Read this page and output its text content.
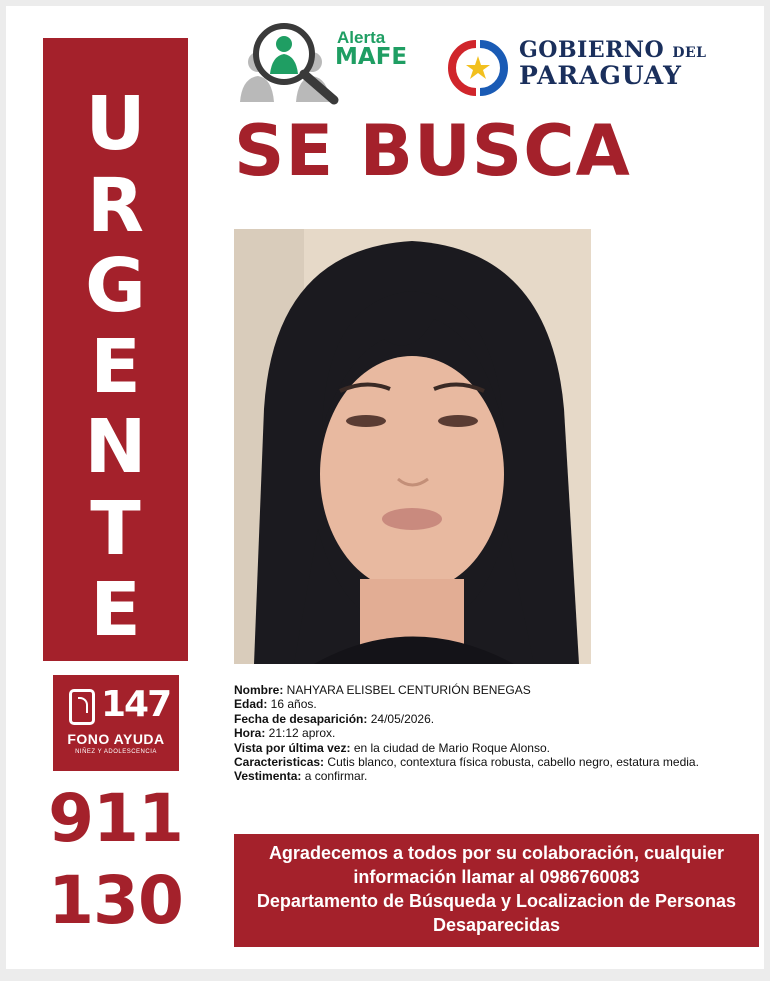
U
R
G
E
N
T
E
147
FONO AYUDA
NIÑEZ Y ADOLESCENCIA
911
130
Alerta
MAFE	GOBIERNO DEL
PARAGUAY
SE BUSCA
Nombre: NAHYARA ELISBEL CENTURIÓN BENEGAS
Edad: 16 años.
Fecha de desaparición: 24/05/2026.
Hora: 21:12 aprox.
Vista por última vez: en la ciudad de Mario Roque Alonso.
Caracteristicas: Cutis blanco, contextura física robusta, cabello negro, estatura media.
Vestimenta: a confirmar.
Agradecemos a todos por su colaboración, cualquier
información llamar al 0986760083
Departamento de Búsqueda y Localizacion de Personas
Desaparecidas
